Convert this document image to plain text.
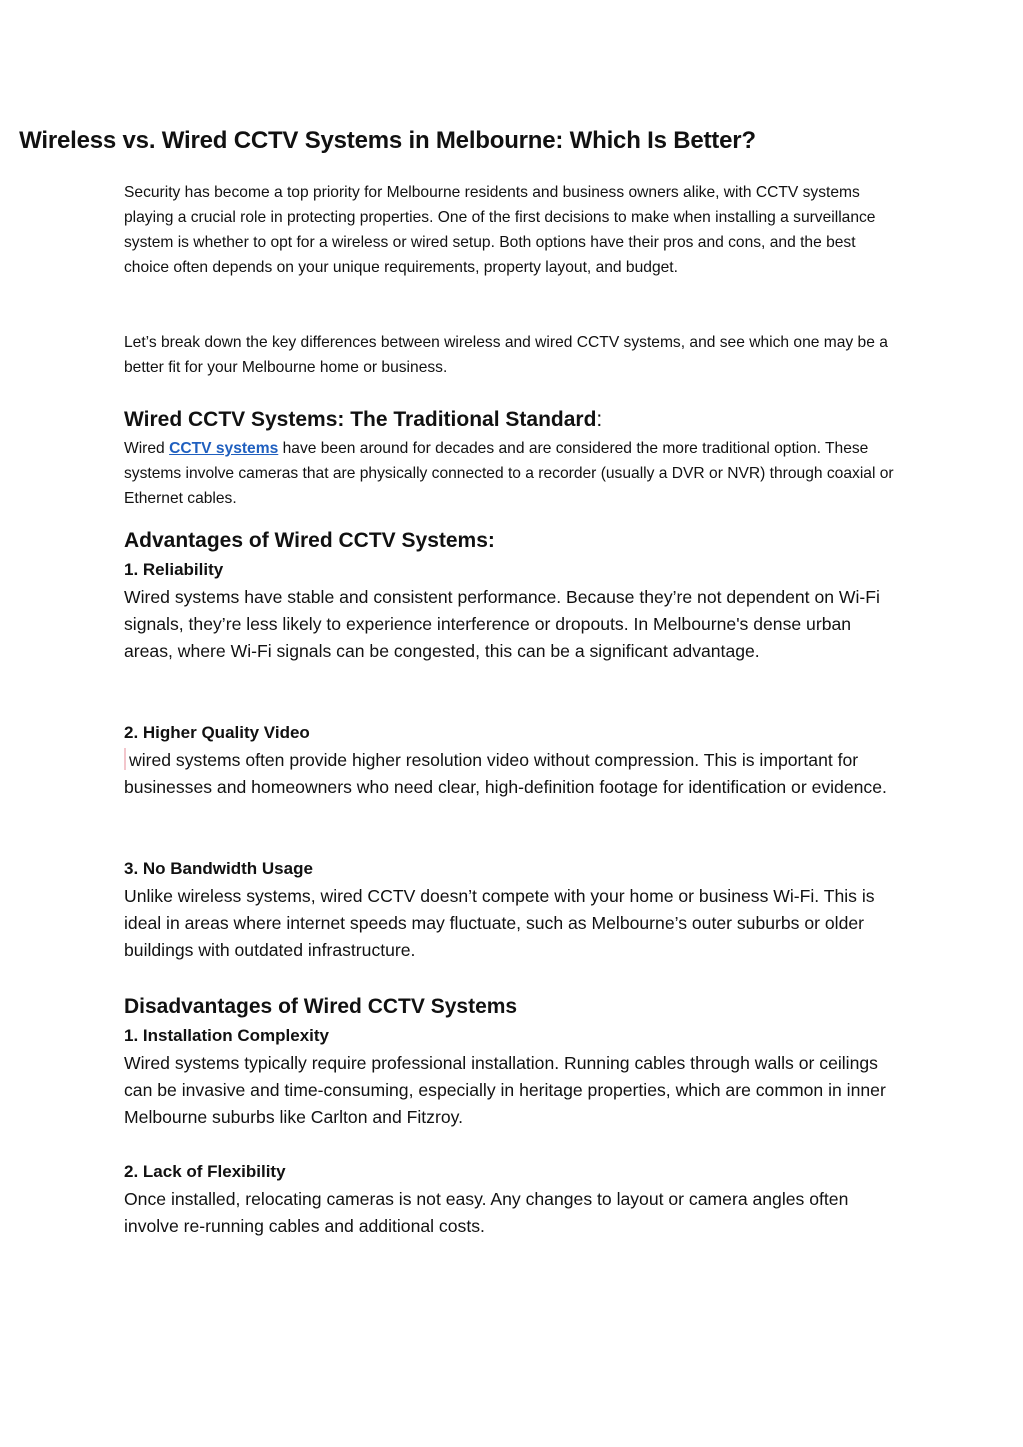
Wireless vs. Wired CCTV Systems in Melbourne: Which Is Better?

Security has become a top priority for Melbourne residents and business owners alike, with CCTV systems playing a crucial role in protecting properties. One of the first decisions to make when installing a surveillance system is whether to opt for a wireless or wired setup. Both options have their pros and cons, and the best choice often depends on your unique requirements, property layout, and budget.

Let’s break down the key differences between wireless and wired CCTV systems, and see which one may be a better fit for your Melbourne home or business.

Wired CCTV Systems: The Traditional Standard:

Wired CCTV systems have been around for decades and are considered the more traditional option. These systems involve cameras that are physically connected to a recorder (usually a DVR or NVR) through coaxial or Ethernet cables.

Advantages of Wired CCTV Systems:
1. Reliability

Wired systems have stable and consistent performance. Because they’re not dependent on Wi-Fi signals, they’re less likely to experience interference or dropouts. In Melbourne's dense urban areas, where Wi-Fi signals can be congested, this can be a significant advantage.

2. Higher Quality Video

wired systems often provide higher resolution video without compression. This is important for businesses and homeowners who need clear, high-definition footage for identification or evidence.

3. No Bandwidth Usage

Unlike wireless systems, wired CCTV doesn’t compete with your home or business Wi-Fi. This is ideal in areas where internet speeds may fluctuate, such as Melbourne’s outer suburbs or older buildings with outdated infrastructure.

Disadvantages of Wired CCTV Systems
1. Installation Complexity

Wired systems typically require professional installation. Running cables through walls or ceilings can be invasive and time-consuming, especially in heritage properties, which are common in inner Melbourne suburbs like Carlton and Fitzroy.

2. Lack of Flexibility

Once installed, relocating cameras is not easy. Any changes to layout or camera angles often involve re-running cables and additional costs.
